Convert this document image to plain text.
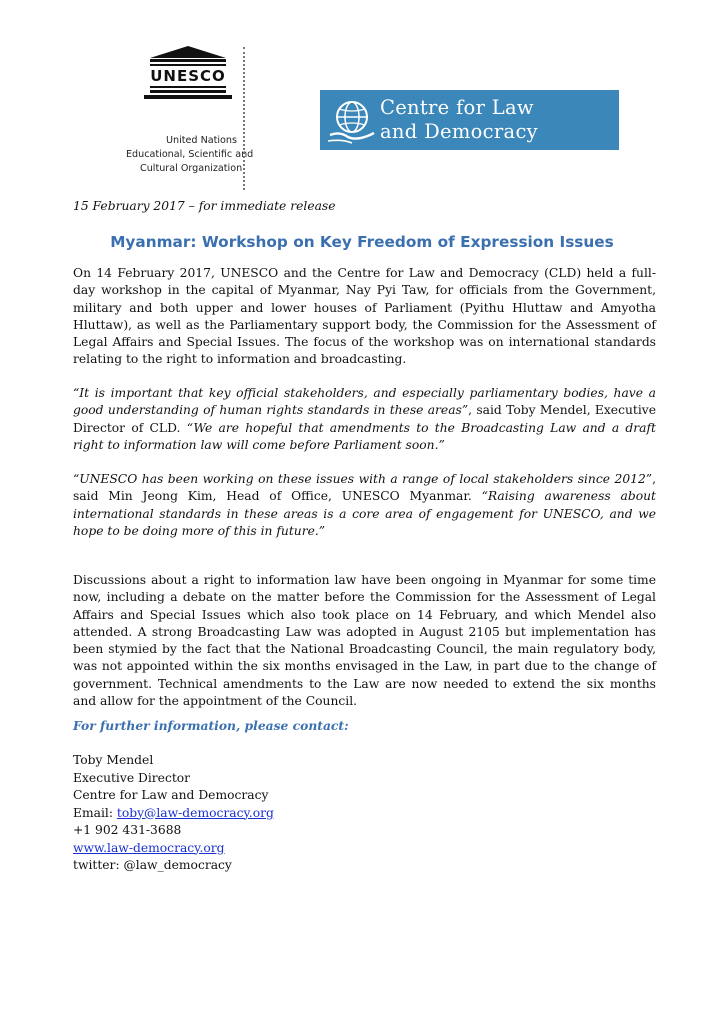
UNESCO
United Nations
Educational, Scientific and
Cultural Organization
Centre for Law
and Democracy
15 February 2017 – for immediate release
Myanmar: Workshop on Key Freedom of Expression Issues

On 14 February 2017, UNESCO and the Centre for Law and Democracy (CLD) held a full-day workshop in the capital of Myanmar, Nay Pyi Taw, for officials from the Government, military and both upper and lower houses of Parliament (Pyithu Hluttaw and Amyotha Hluttaw), as well as the Parliamentary support body, the Commission for the Assessment of Legal Affairs and Special Issues. The focus of the workshop was on international standards relating to the right to information and broadcasting.

“It is important that key official stakeholders, and especially parliamentary bodies, have a good understanding of human rights standards in these areas”, said Toby Mendel, Executive Director of CLD. “We are hopeful that amendments to the Broadcasting Law and a draft right to information law will come before Parliament soon.”

“UNESCO has been working on these issues with a range of local stakeholders since 2012”, said Min Jeong Kim, Head of Office, UNESCO Myanmar. “Raising awareness about international standards in these areas is a core area of engagement for UNESCO, and we hope to be doing more of this in future.”

Discussions about a right to information law have been ongoing in Myanmar for some time now, including a debate on the matter before the Commission for the Assessment of Legal Affairs and Special Issues which also took place on 14 February, and which Mendel also attended. A strong Broadcasting Law was adopted in August 2105 but implementation has been stymied by the fact that the National Broadcasting Council, the main regulatory body, was not appointed within the six months envisaged in the Law, in part due to the change of government. Technical amendments to the Law are now needed to extend the six months and allow for the appointment of the Council.

For further information, please contact:
Toby Mendel
Executive Director
Centre for Law and Democracy
Email: toby@law-democracy.org
+1 902 431-3688
www.law-democracy.org
twitter: @law_democracy
